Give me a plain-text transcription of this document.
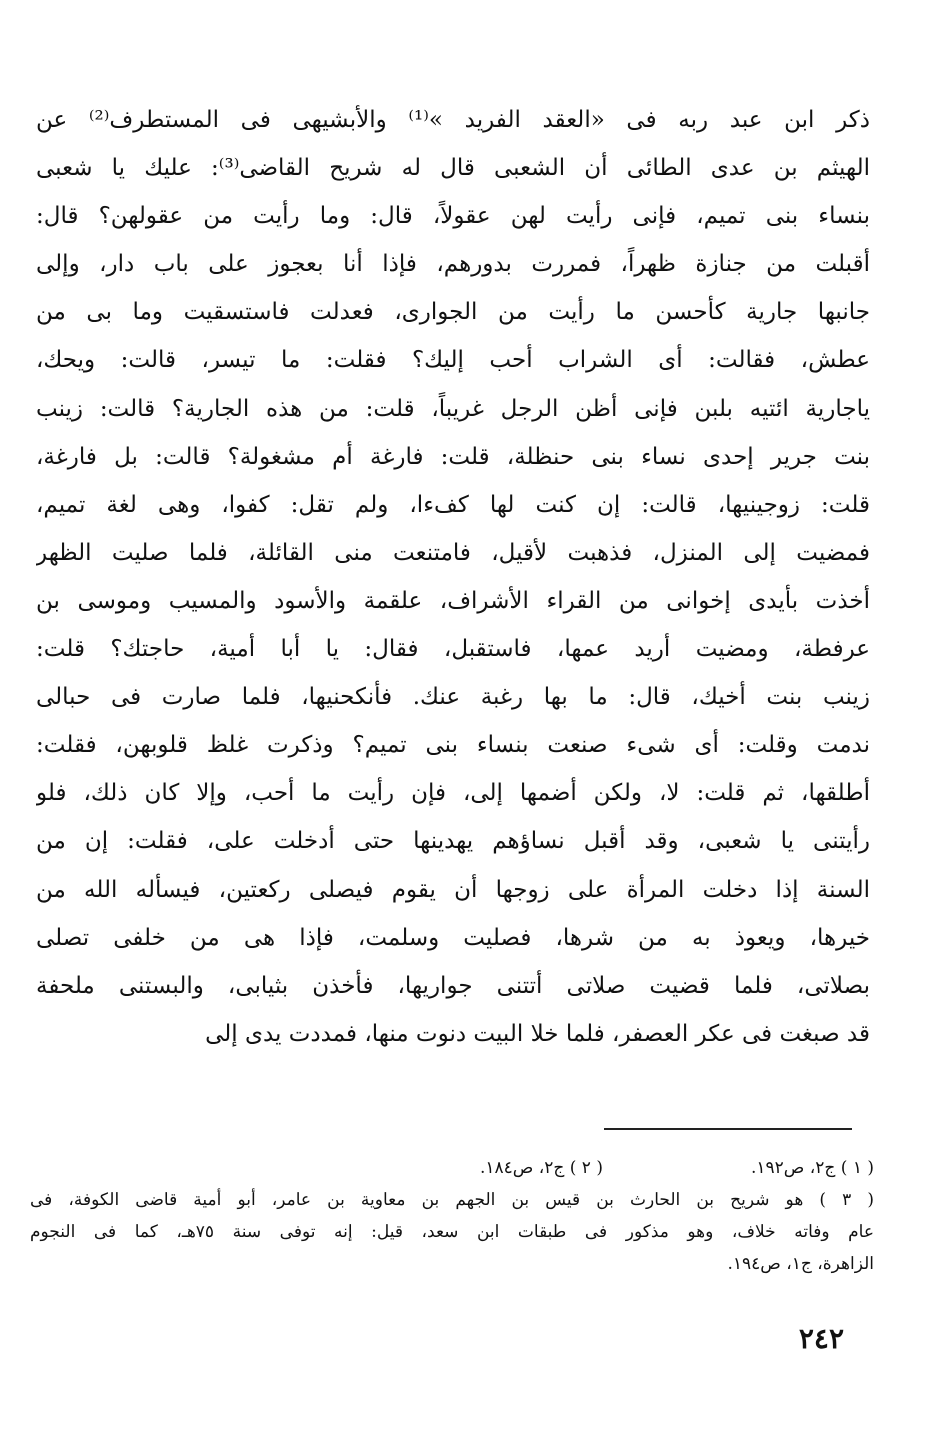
ذكر ابن عبد ربه فى «العقد الفريد »⁽¹⁾ والأبشيهى فى المستطرف⁽²⁾ عن
الهيثم بن عدى الطائى أن الشعبى قال له شريح القاضى⁽³⁾: عليك يا شعبى
بنساء بنى تميم، فإنى رأيت لهن عقولاً، قال: وما رأيت من عقولهن؟ قال:
أقبلت من جنازة ظهراً، فمررت بدورهم، فإذا أنا بعجوز على باب دار، وإلى
جانبها جارية كأحسن ما رأيت من الجوارى، فعدلت فاستسقيت وما بى من
عطش، فقالت: أى الشراب أحب إليك؟ فقلت: ما تيسر، قالت: ويحك،
ياجارية ائتيه بلبن فإنى أظن الرجل غريباً، قلت: من هذه الجارية؟ قالت: زينب
بنت جرير إحدى نساء بنى حنظلة، قلت: فارغة أم مشغولة؟ قالت: بل فارغة،
قلت: زوجينيها، قالت: إن كنت لها كفءا، ولم تقل: كفوا، وهى لغة تميم،
فمضيت إلى المنزل، فذهبت لأقيل، فامتنعت منى القائلة، فلما صليت الظهر
أخذت بأيدى إخوانى من القراء الأشراف، علقمة والأسود والمسيب وموسى بن
عرفطة، ومضيت أريد عمها، فاستقبل، فقال: يا أبا أمية، حاجتك؟ قلت:
زينب بنت أخيك، قال: ما بها رغبة عنك. فأنكحنيها، فلما صارت فى حبالى
ندمت وقلت: أى شىء صنعت بنساء بنى تميم؟ وذكرت غلظ قلوبهن، فقلت:
أطلقها، ثم قلت: لا، ولكن أضمها إلى، فإن رأيت ما أحب، وإلا كان ذلك، فلو
رأيتنى يا شعبى، وقد أقبل نساؤهم يهدينها حتى أدخلت على، فقلت: إن من
السنة إذا دخلت المرأة على زوجها أن يقوم فيصلى ركعتين، فيسأله الله من
خيرها، ويعوذ به من شرها، فصليت وسلمت، فإذا هى من خلفى تصلى
بصلاتى، فلما قضيت صلاتى أتتنى جواريها، فأخذن بثيابى، والبستنى ملحفة
قد صبغت فى عكر العصفر، فلما خلا البيت دنوت منها، فمددت يدى إلى
( ١ ) ج٢، ص١٩٢.
( ٢ ) ج٢، ص١٨٤.
( ٣ ) هو شريح بن الحارث بن قيس بن الجهم بن معاوية بن عامر، أبو أمية قاضى الكوفة، فى
عام وفاته خلاف، وهو مذكور فى طبقات ابن سعد، قيل: إنه توفى سنة ٧٥هـ، كما فى النجوم
الزاهرة، ج١، ص١٩٤.
٢٤٢
